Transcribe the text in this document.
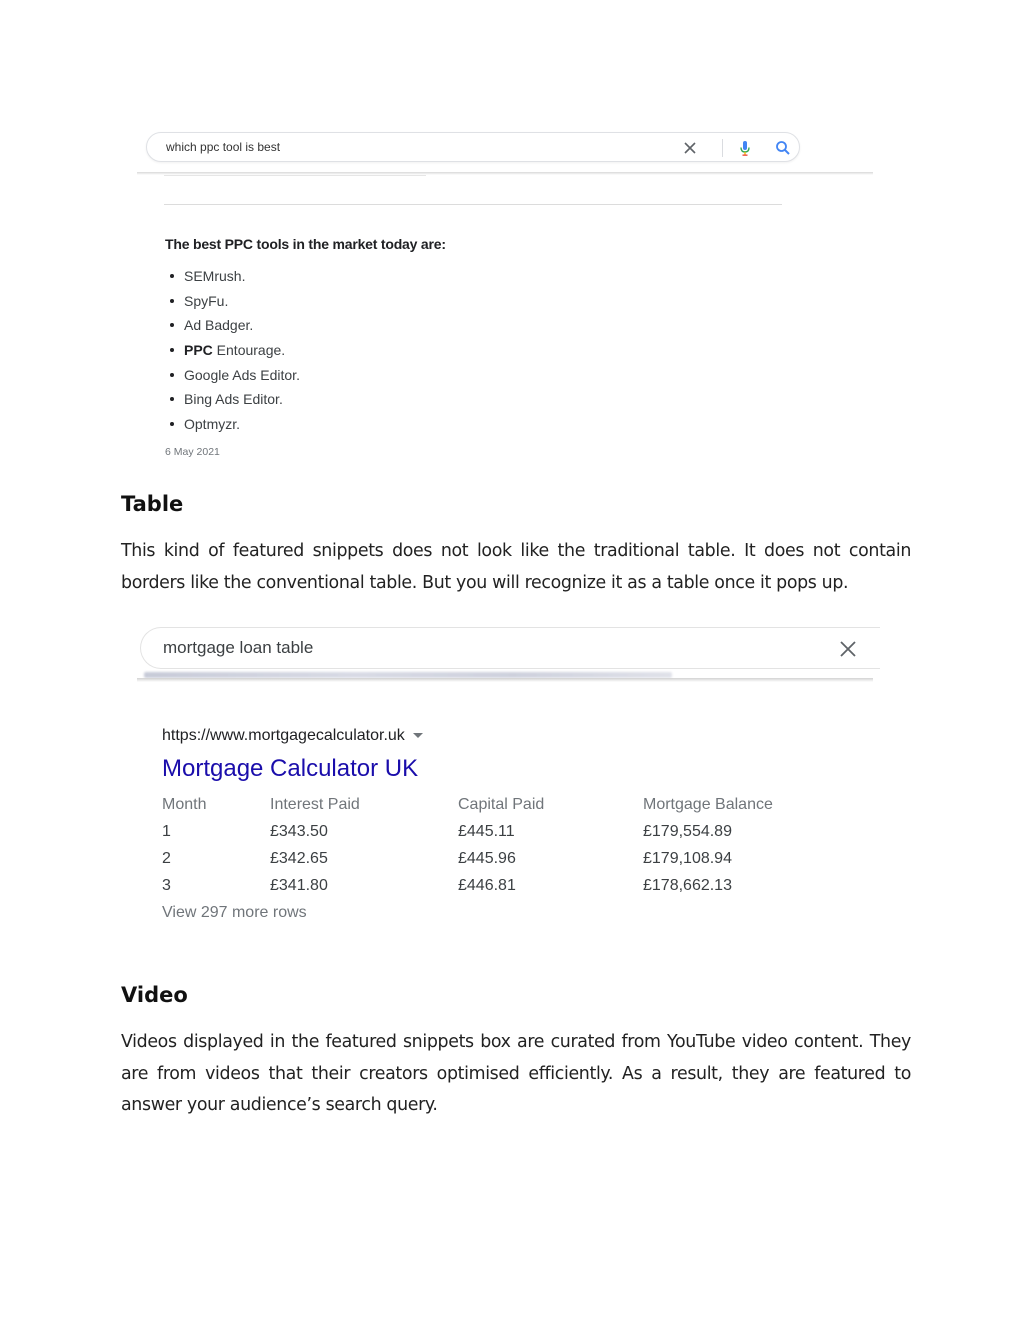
which ppc tool is best
The best PPC tools in the market today are:
SEMrush.
SpyFu.
Ad Badger.
PPC Entourage.
Google Ads Editor.
Bing Ads Editor.
Optmyzr.
6 May 2021
Table
This kind of featured snippets does not look like the traditional table. It does not contain borders like the conventional table. But you will recognize it as a table once it pops up.
mortgage loan table
https://www.mortgagecalculator.uk
Mortgage Calculator UK
Month	Interest Paid	Capital Paid	Mortgage Balance
1	£343.50	£445.11	£179,554.89
2	£342.65	£445.96	£179,108.94
3	£341.80	£446.81	£178,662.13
View 297 more rows
Video
Videos displayed in the featured snippets box are curated from YouTube video content. They are from videos that their creators optimised efficiently. As a result, they are featured to answer your audience’s search query.
